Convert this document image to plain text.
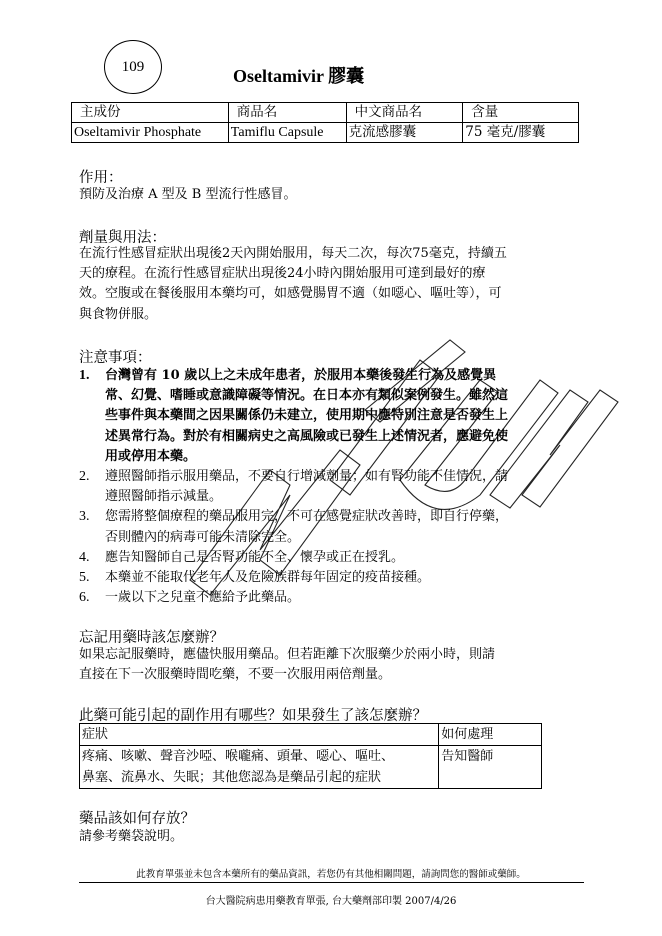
109	Oseltamivir 膠囊
主成份	商品名	中文商品名	含量
Oseltamivir Phosphate	Tamiflu Capsule	克流感膠囊	75 毫克/膠囊
作用：
預防及治療 A 型及 B 型流行性感冒。
劑量與用法：
在流行性感冒症狀出現後2天內開始服用，每天二次，每次75毫克，持續五
天的療程。在流行性感冒症狀出現後24小時內開始服用可達到最好的療
效。空腹或在餐後服用本藥均可，如感覺腸胃不適（如噁心、嘔吐等），可
與食物併服。
注意事項：
1. 台灣曾有 10 歲以上之未成年患者，於服用本藥後發生行為及感覺異
常、幻覺、嗜睡或意識障礙等情況。在日本亦有類似案例發生。雖然這
些事件與本藥間之因果關係仍未建立，使用期中應特別注意是否發生上
述異常行為。對於有相關病史之高風險或已發生上述情況者，應避免使
用或停用本藥。
2. 遵照醫師指示服用藥品，不要自行增減劑量；如有腎功能不佳情況，請
遵照醫師指示減量。
3. 您需將整個療程的藥品服用完，不可在感覺症狀改善時，即自行停藥，
否則體內的病毒可能未清除完全。
4. 應告知醫師自己是否腎功能不全、懷孕或正在授乳。
5. 本藥並不能取代老年人及危險族群每年固定的疫苗接種。
6. 一歲以下之兒童不應給予此藥品。
忘記用藥時該怎麼辦？
如果忘記服藥時，應儘快服用藥品。但若距離下次服藥少於兩小時，則請
直接在下一次服藥時間吃藥，不要一次服用兩倍劑量。
此藥可能引起的副作用有哪些？如果發生了該怎麼辦？
症狀	如何處理

疼痛、咳嗽、聲音沙啞、喉嚨痛、頭暈、噁心、嘔吐、
鼻塞、流鼻水、失眠；其他您認為是藥品引起的症狀	告知醫師
藥品該如何存放？
請參考藥袋說明。
此教育單張並未包含本藥所有的藥品資訊，若您仍有其他相關問題，請詢問您的醫師或藥師。
台大醫院病患用藥教育單張, 台大藥劑部印製 2007/4/26
